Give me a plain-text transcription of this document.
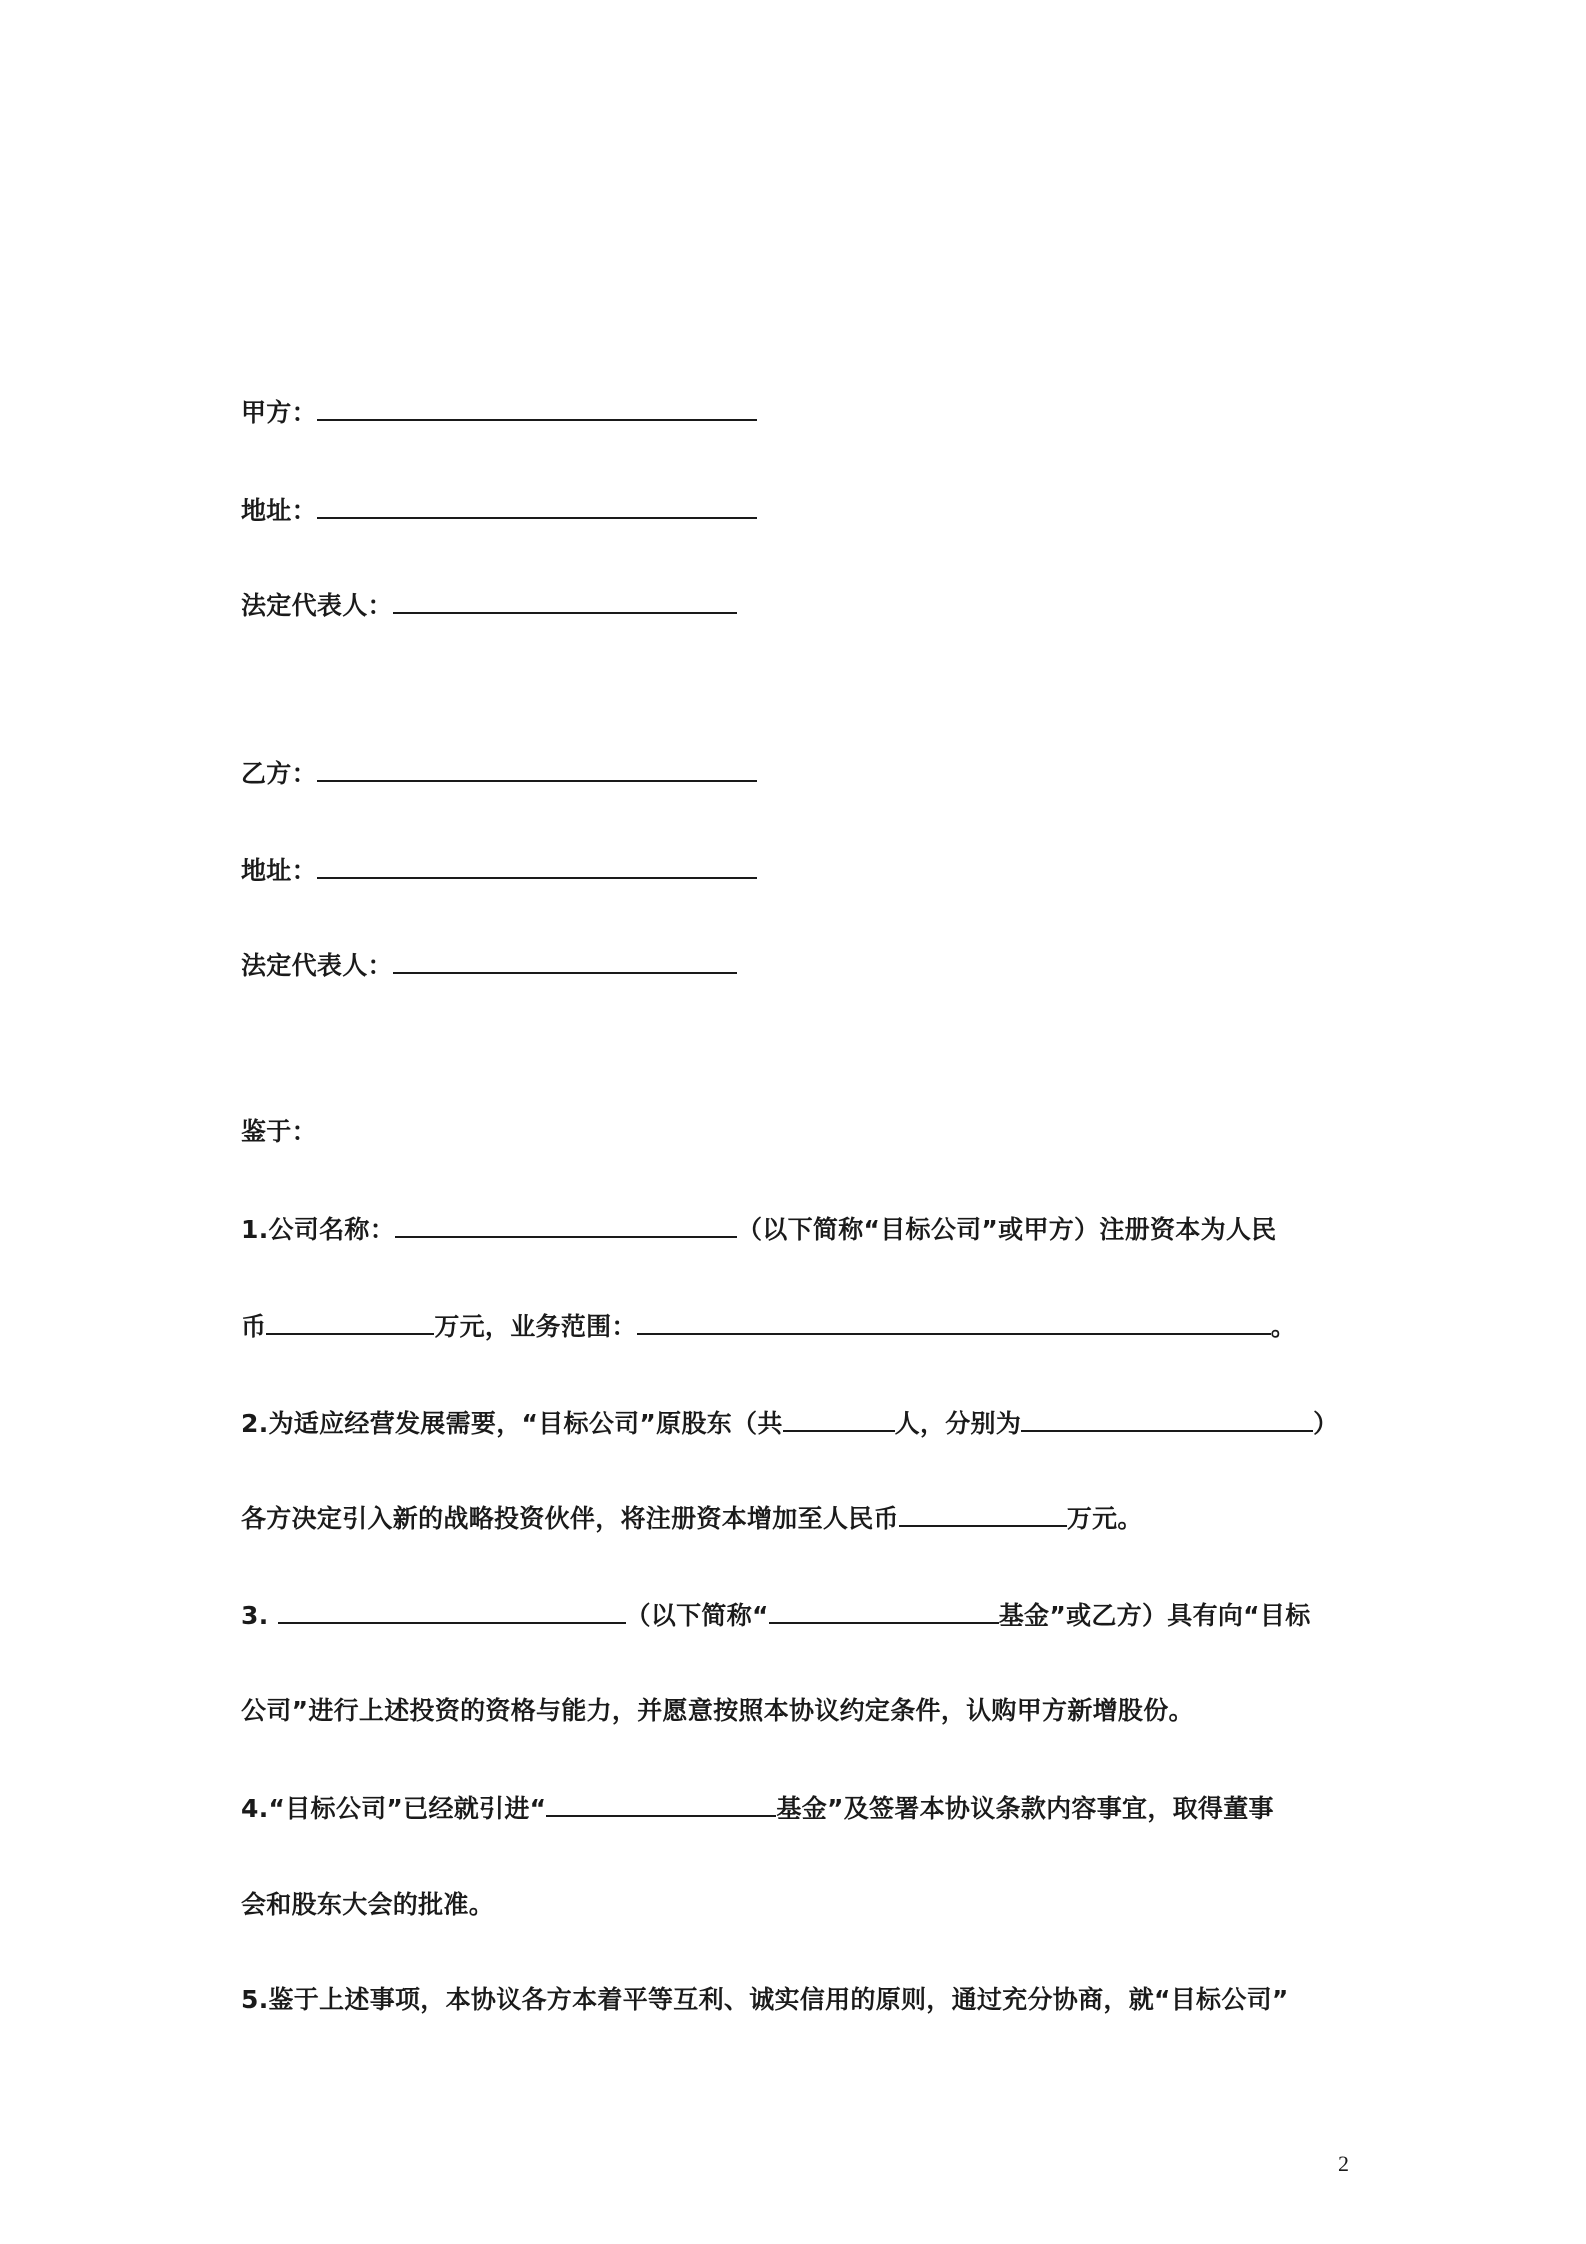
甲方：
地址：
法定代表人：
乙方：
地址：
法定代表人：
鉴于：
1.公司名称：	（以下简称“目标公司”或甲方）注册资本为人民
币	万元，业务范围：	。
2.为适应经营发展需要，“目标公司”原股东（共	人，分别为	）
各方决定引入新的战略投资伙伴，将注册资本增加至人民币	万元。
3.	（以下简称“	基金”或乙方）具有向“目标
公司”进行上述投资的资格与能力，并愿意按照本协议约定条件，认购甲方新增股份。
4.“目标公司”已经就引进“	基金”及签署本协议条款内容事宜，取得董事
会和股东大会的批准。
5.鉴于上述事项，本协议各方本着平等互利、诚实信用的原则，通过充分协商，就“目标公司”
2
